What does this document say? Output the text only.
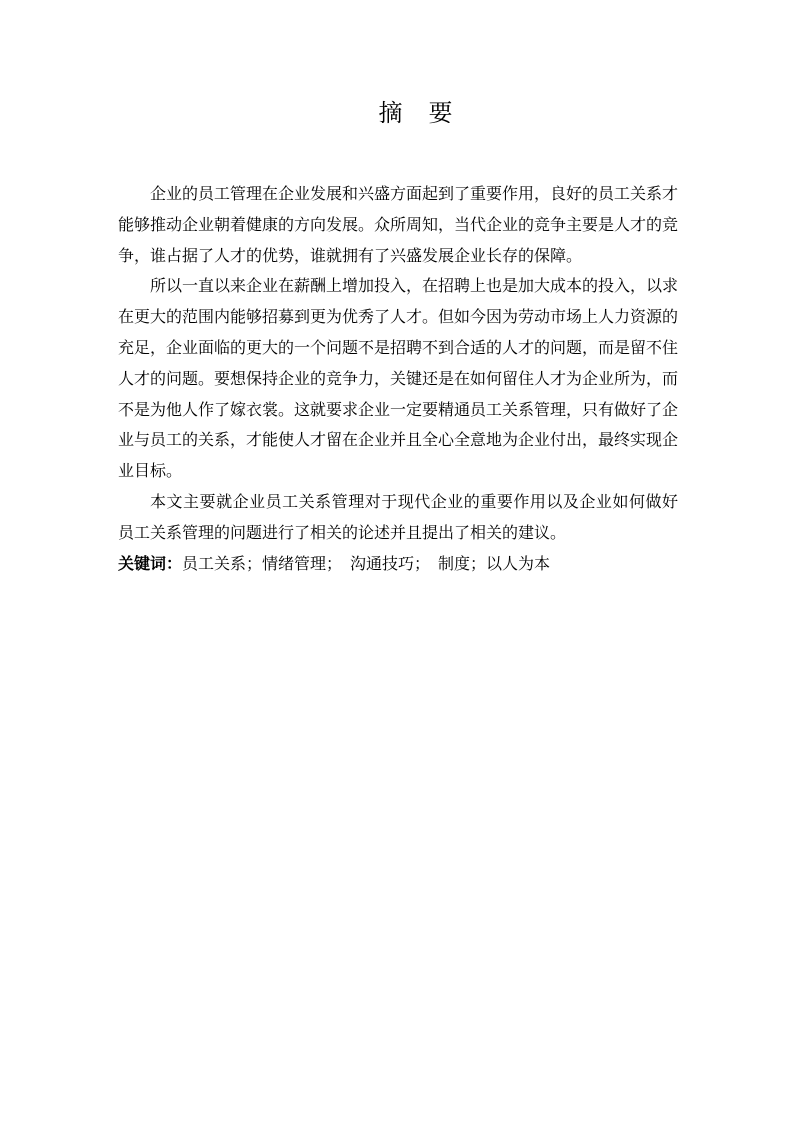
摘　要
企业的员工管理在企业发展和兴盛方面起到了重要作用，良好的员工关系才
能够推动企业朝着健康的方向发展。众所周知，当代企业的竞争主要是人才的竞
争，谁占据了人才的优势，谁就拥有了兴盛发展企业长存的保障。
所以一直以来企业在薪酬上增加投入，在招聘上也是加大成本的投入，以求
在更大的范围内能够招募到更为优秀了人才。但如今因为劳动市场上人力资源的
充足，企业面临的更大的一个问题不是招聘不到合适的人才的问题，而是留不住
人才的问题。要想保持企业的竞争力，关键还是在如何留住人才为企业所为，而
不是为他人作了嫁衣裳。这就要求企业一定要精通员工关系管理，只有做好了企
业与员工的关系，才能使人才留在企业并且全心全意地为企业付出，最终实现企
业目标。
本文主要就企业员工关系管理对于现代企业的重要作用以及企业如何做好
员工关系管理的问题进行了相关的论述并且提出了相关的建议。
关键词：员工关系；情绪管理；　沟通技巧；　制度；以人为本
